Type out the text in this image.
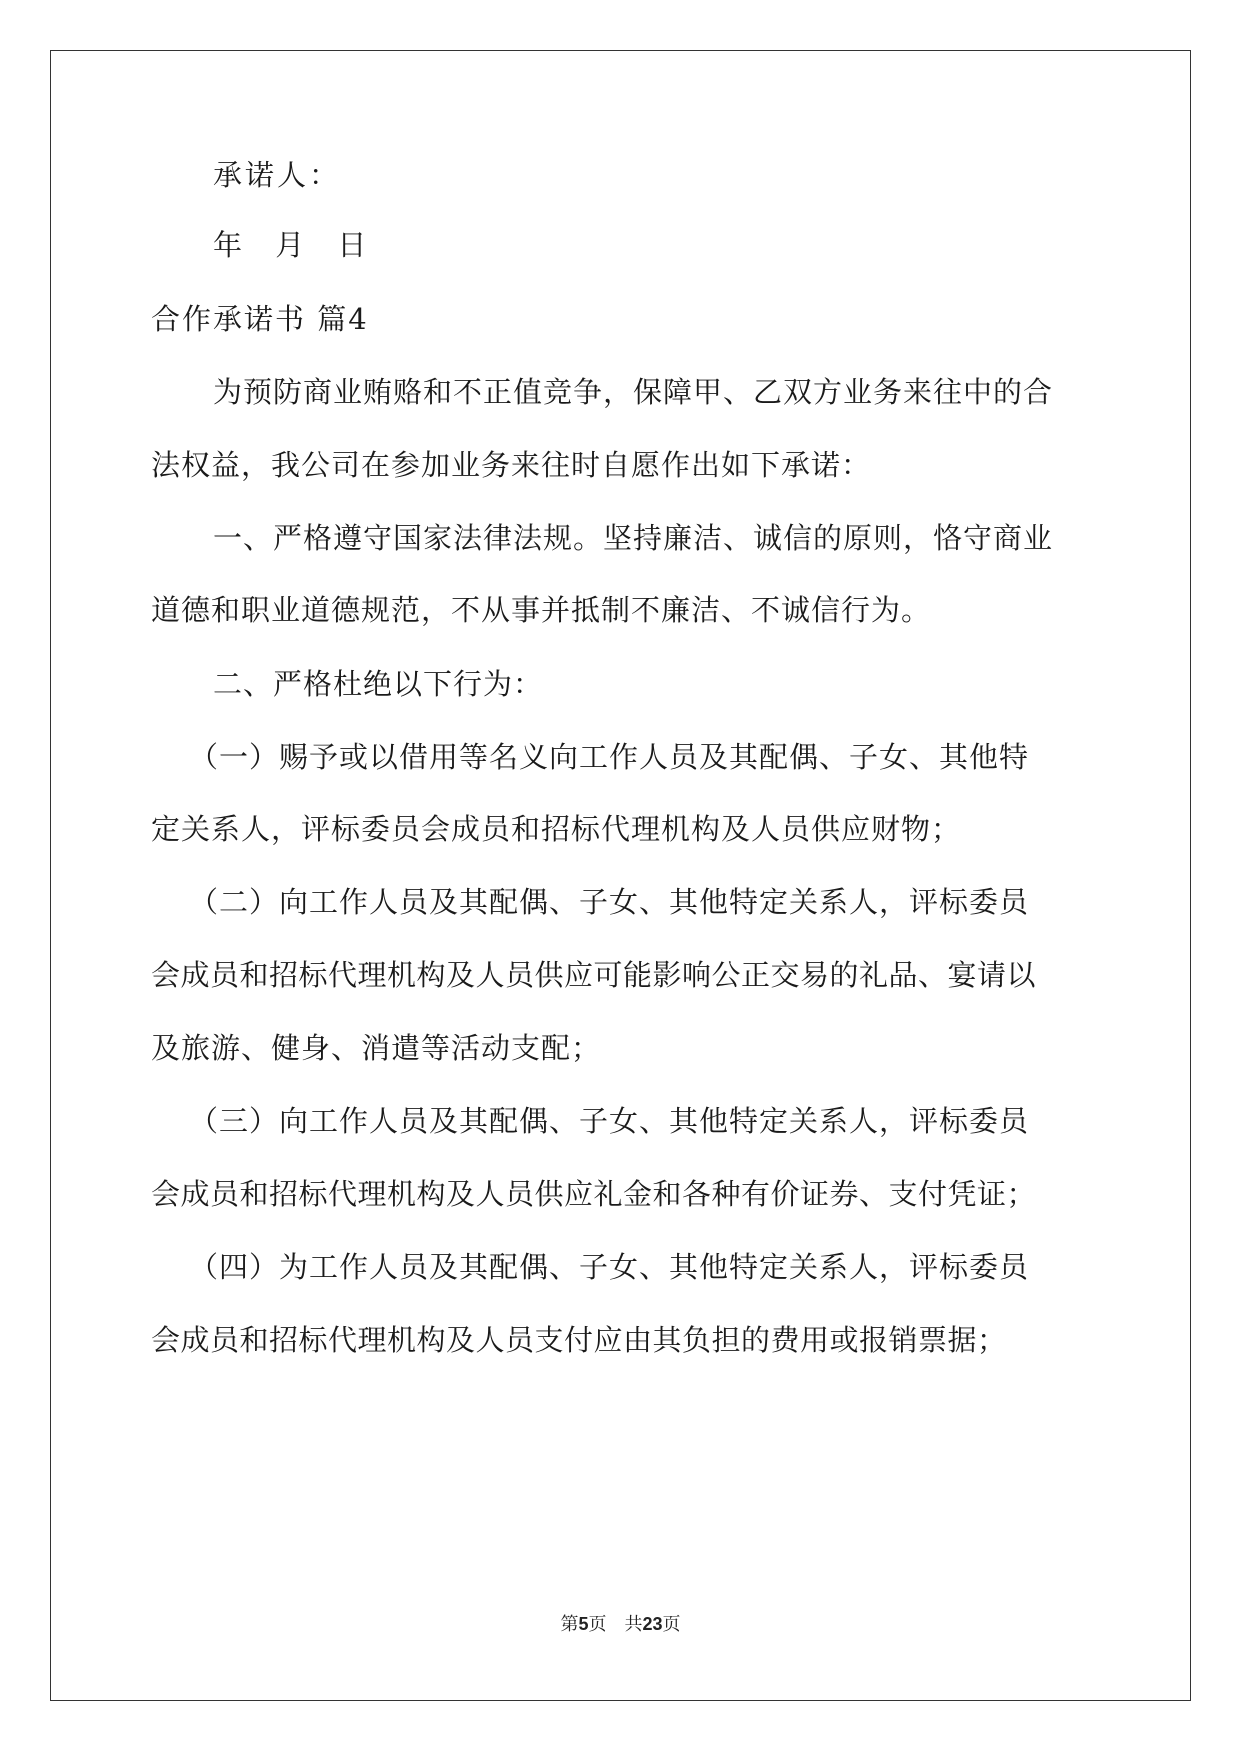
承诺人：
年 月 日
合作承诺书 篇4
为预防商业贿赂和不正值竞争，保障甲、乙双方业务来往中的合
法权益，我公司在参加业务来往时自愿作出如下承诺：
一、严格遵守国家法律法规。坚持廉洁、诚信的原则，恪守商业
道德和职业道德规范，不从事并抵制不廉洁、不诚信行为。
二、严格杜绝以下行为：
（一）赐予或以借用等名义向工作人员及其配偶、子女、其他特
定关系人，评标委员会成员和招标代理机构及人员供应财物；
（二）向工作人员及其配偶、子女、其他特定关系人，评标委员
会成员和招标代理机构及人员供应可能影响公正交易的礼品、宴请以
及旅游、健身、消遣等活动支配；
（三）向工作人员及其配偶、子女、其他特定关系人，评标委员
会成员和招标代理机构及人员供应礼金和各种有价证券、支付凭证；
（四）为工作人员及其配偶、子女、其他特定关系人，评标委员
会成员和招标代理机构及人员支付应由其负担的费用或报销票据；
第5页　共23页
